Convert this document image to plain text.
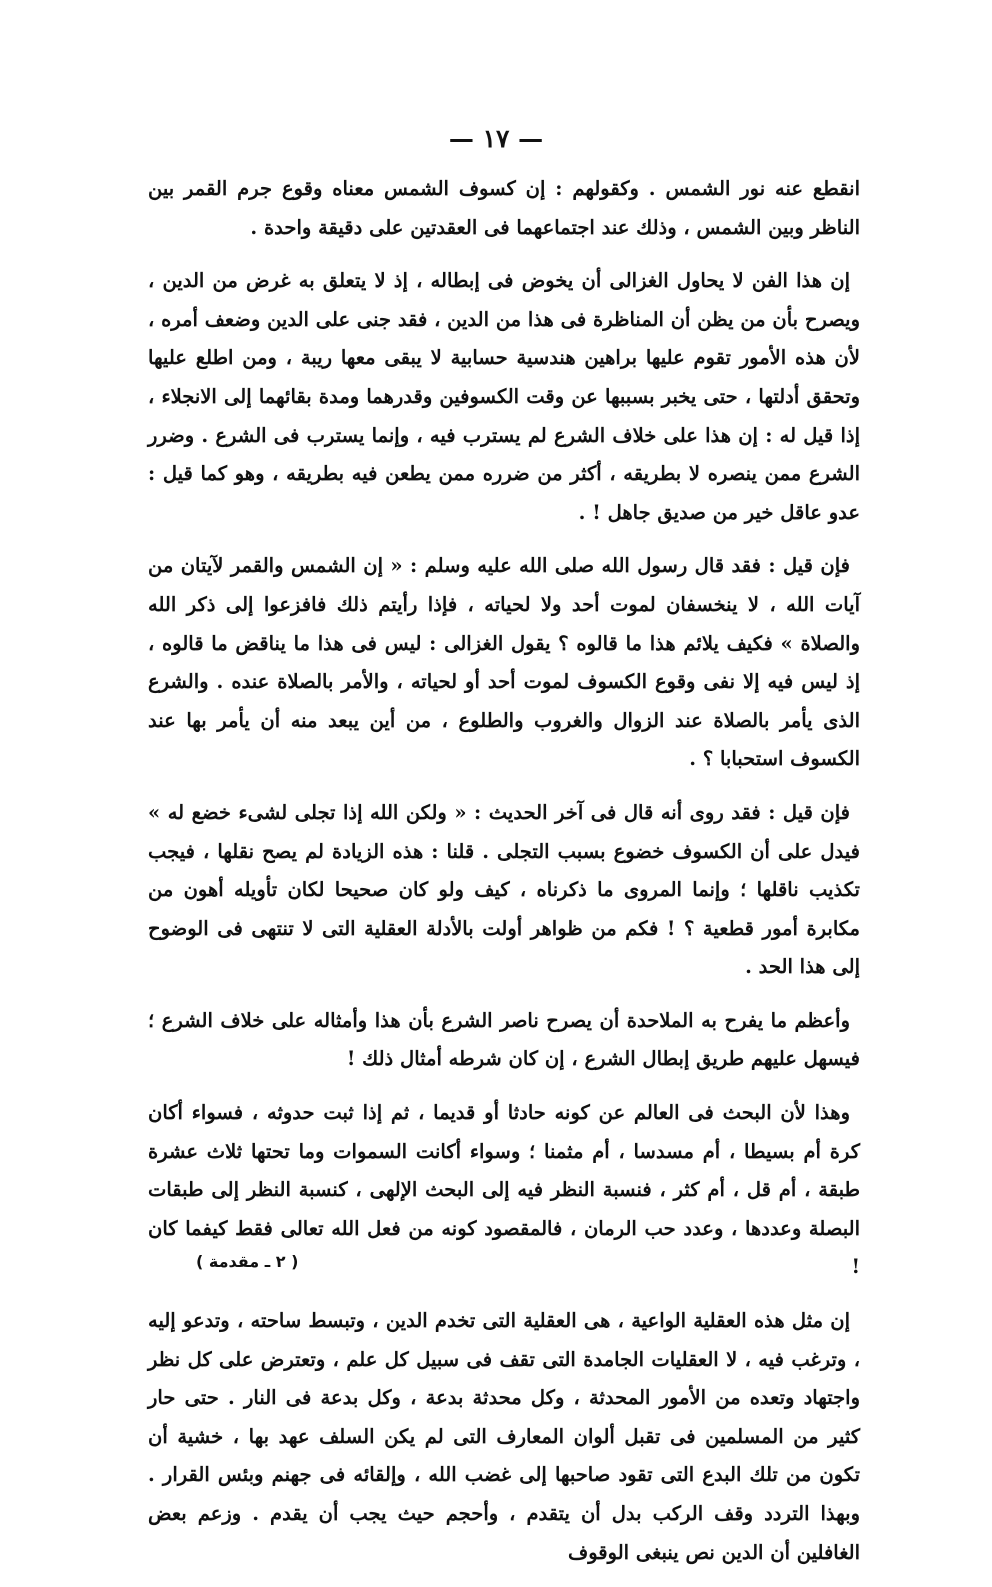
— ١٧ —

انقطع عنه نور الشمس . وكقولهم : إن كسوف الشمس معناه وقوع جرم القمر بين الناظر وبين الشمس ، وذلك عند اجتماعهما فى العقدتين على دقيقة واحدة .

إن هذا الفن لا يحاول الغزالى أن يخوض فى إبطاله ، إذ لا يتعلق به غرض من الدين ، ويصرح بأن من يظن أن المناظرة فى هذا من الدين ، فقد جنى على الدين وضعف أمره ، لأن هذه الأمور تقوم عليها براهين هندسية حسابية لا يبقى معها ريبة ، ومن اطلع عليها وتحقق أدلتها ، حتى يخبر بسببها عن وقت الكسوفين وقدرهما ومدة بقائهما إلى الانجلاء ، إذا قيل له : إن هذا على خلاف الشرع لم يسترب فيه ، وإنما يسترب فى الشرع . وضرر الشرع ممن ينصره لا بطريقه ، أكثر من ضرره ممن يطعن فيه بطريقه ، وهو كما قيل : عدو عاقل خير من صديق جاهل ! .

فإن قيل : فقد قال رسول الله صلى الله عليه وسلم : « إن الشمس والقمر لآيتان من آيات الله ، لا ينخسفان لموت أحد ولا لحياته ، فإذا رأيتم ذلك فافزعوا إلى ذكر الله والصلاة » فكيف يلائم هذا ما قالوه ؟ يقول الغزالى : ليس فى هذا ما يناقض ما قالوه ، إذ ليس فيه إلا نفى وقوع الكسوف لموت أحد أو لحياته ، والأمر بالصلاة عنده . والشرع الذى يأمر بالصلاة عند الزوال والغروب والطلوع ، من أين يبعد منه أن يأمر بها عند الكسوف استحبابا ؟ .

فإن قيل : فقد روى أنه قال فى آخر الحديث : « ولكن الله إذا تجلى لشىء خضع له » فيدل على أن الكسوف خضوع بسبب التجلى . قلنا : هذه الزيادة لم يصح نقلها ، فيجب تكذيب ناقلها ؛ وإنما المروى ما ذكرناه ، كيف ولو كان صحيحا لكان تأويله أهون من مكابرة أمور قطعية ؟ ! فكم من ظواهر أولت بالأدلة العقلية التى لا تنتهى فى الوضوح إلى هذا الحد .

وأعظم ما يفرح به الملاحدة أن يصرح ناصر الشرع بأن هذا وأمثاله على خلاف الشرع ؛ فيسهل عليهم طريق إبطال الشرع ، إن كان شرطه أمثال ذلك !

وهذا لأن البحث فى العالم عن كونه حادثا أو قديما ، ثم إذا ثبت حدوثه ، فسواء أكان كرة أم بسيطا ، أم مسدسا ، أم مثمنا ؛ وسواء أكانت السموات وما تحتها ثلاث عشرة طبقة ، أم قل ، أم كثر ، فنسبة النظر فيه إلى البحث الإلهى ، كنسبة النظر إلى طبقات البصلة وعددها ، وعدد حب الرمان ، فالمقصود كونه من فعل الله تعالى فقط كيفما كان !

إن مثل هذه العقلية الواعية ، هى العقلية التى تخدم الدين ، وتبسط ساحته ، وتدعو إليه ، وترغب فيه ، لا العقليات الجامدة التى تقف فى سبيل كل علم ، وتعترض على كل نظر واجتهاد وتعده من الأمور المحدثة ، وكل محدثة بدعة ، وكل بدعة فى النار . حتى حار كثير من المسلمين فى تقبل ألوان المعارف التى لم يكن السلف عهد بها ، خشية أن تكون من تلك البدع التى تقود صاحبها إلى غضب الله ، وإلقائه فى جهنم وبئس القرار . وبهذا التردد وقف الركب بدل أن يتقدم ، وأحجم حيث يجب أن يقدم . وزعم بعض الغافلين أن الدين نص ينبغى الوقوف

( ٢ ـ مقدمة )
